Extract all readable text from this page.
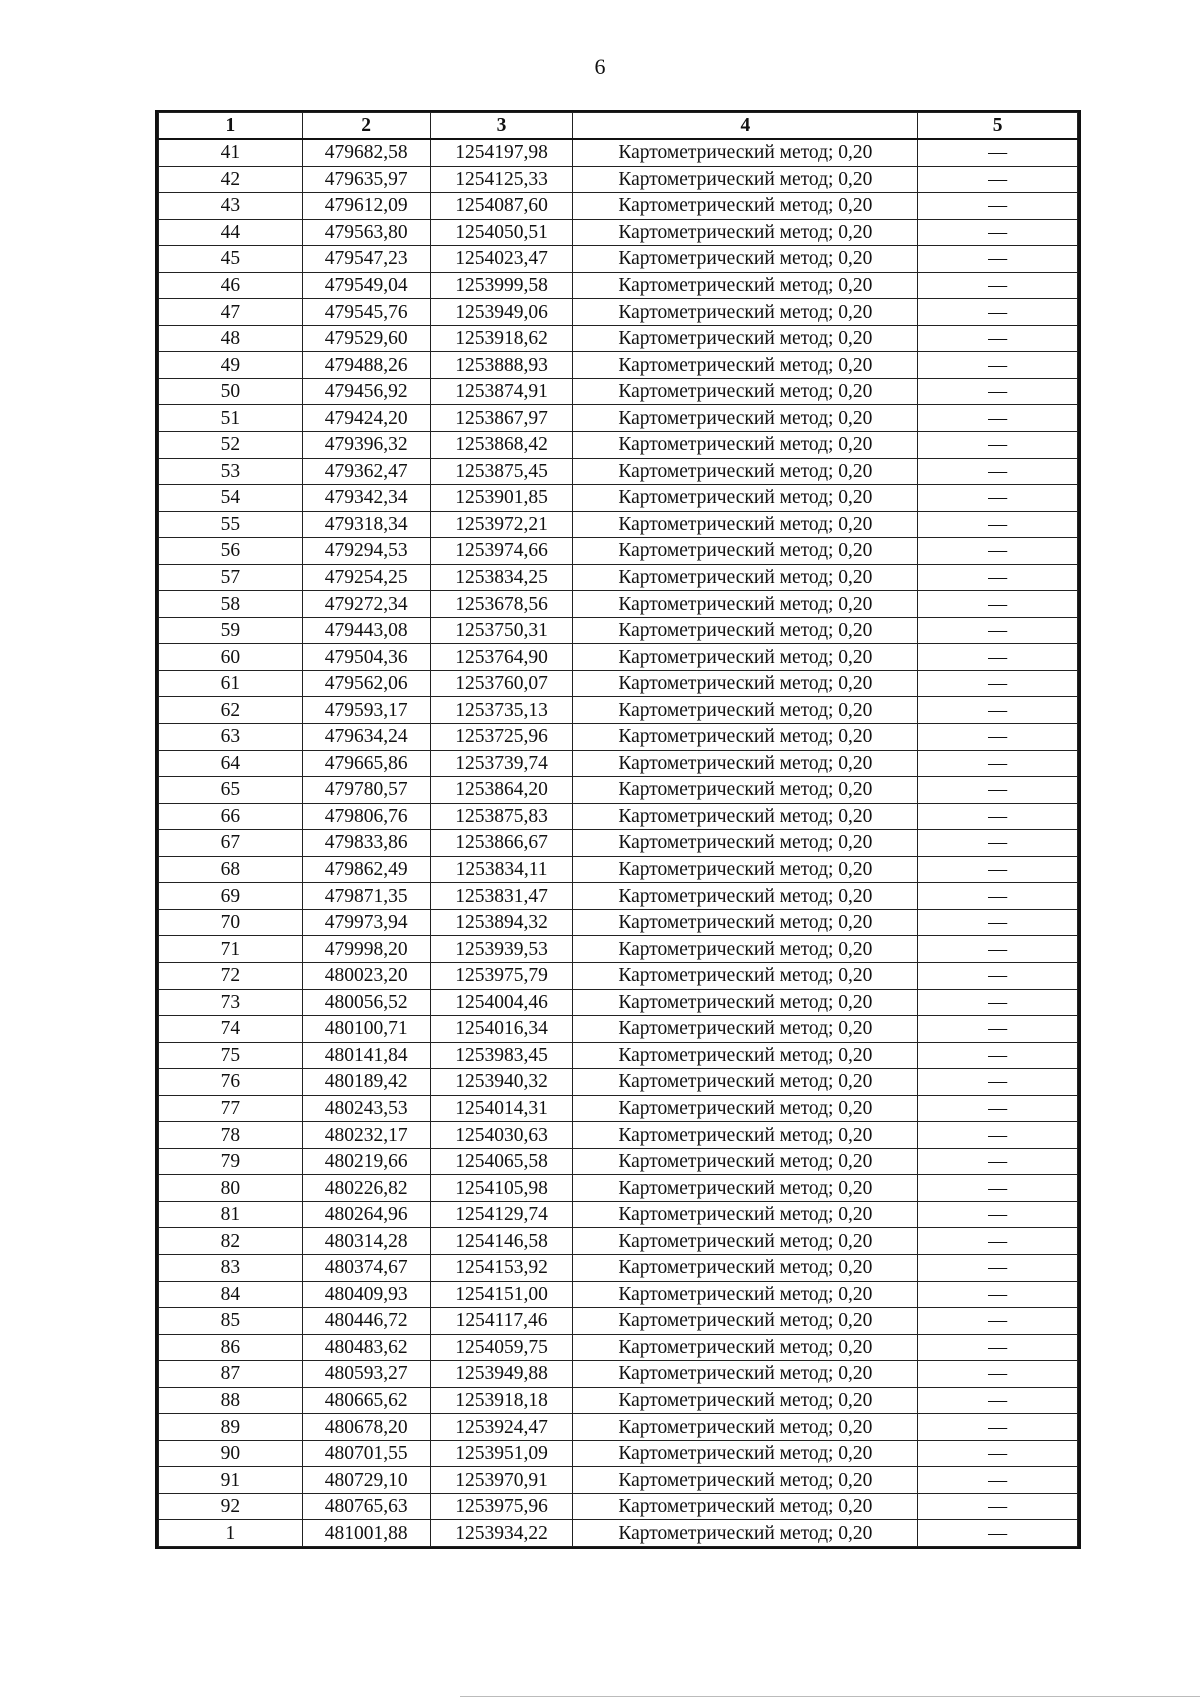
6
1	2	3	4	5
41	479682,58	1254197,98	Картометрический метод; 0,20	—
42	479635,97	1254125,33	Картометрический метод; 0,20	—
43	479612,09	1254087,60	Картометрический метод; 0,20	—
44	479563,80	1254050,51	Картометрический метод; 0,20	—
45	479547,23	1254023,47	Картометрический метод; 0,20	—
46	479549,04	1253999,58	Картометрический метод; 0,20	—
47	479545,76	1253949,06	Картометрический метод; 0,20	—
48	479529,60	1253918,62	Картометрический метод; 0,20	—
49	479488,26	1253888,93	Картометрический метод; 0,20	—
50	479456,92	1253874,91	Картометрический метод; 0,20	—
51	479424,20	1253867,97	Картометрический метод; 0,20	—
52	479396,32	1253868,42	Картометрический метод; 0,20	—
53	479362,47	1253875,45	Картометрический метод; 0,20	—
54	479342,34	1253901,85	Картометрический метод; 0,20	—
55	479318,34	1253972,21	Картометрический метод; 0,20	—
56	479294,53	1253974,66	Картометрический метод; 0,20	—
57	479254,25	1253834,25	Картометрический метод; 0,20	—
58	479272,34	1253678,56	Картометрический метод; 0,20	—
59	479443,08	1253750,31	Картометрический метод; 0,20	—
60	479504,36	1253764,90	Картометрический метод; 0,20	—
61	479562,06	1253760,07	Картометрический метод; 0,20	—
62	479593,17	1253735,13	Картометрический метод; 0,20	—
63	479634,24	1253725,96	Картометрический метод; 0,20	—
64	479665,86	1253739,74	Картометрический метод; 0,20	—
65	479780,57	1253864,20	Картометрический метод; 0,20	—
66	479806,76	1253875,83	Картометрический метод; 0,20	—
67	479833,86	1253866,67	Картометрический метод; 0,20	—
68	479862,49	1253834,11	Картометрический метод; 0,20	—
69	479871,35	1253831,47	Картометрический метод; 0,20	—
70	479973,94	1253894,32	Картометрический метод; 0,20	—
71	479998,20	1253939,53	Картометрический метод; 0,20	—
72	480023,20	1253975,79	Картометрический метод; 0,20	—
73	480056,52	1254004,46	Картометрический метод; 0,20	—
74	480100,71	1254016,34	Картометрический метод; 0,20	—
75	480141,84	1253983,45	Картометрический метод; 0,20	—
76	480189,42	1253940,32	Картометрический метод; 0,20	—
77	480243,53	1254014,31	Картометрический метод; 0,20	—
78	480232,17	1254030,63	Картометрический метод; 0,20	—
79	480219,66	1254065,58	Картометрический метод; 0,20	—
80	480226,82	1254105,98	Картометрический метод; 0,20	—
81	480264,96	1254129,74	Картометрический метод; 0,20	—
82	480314,28	1254146,58	Картометрический метод; 0,20	—
83	480374,67	1254153,92	Картометрический метод; 0,20	—
84	480409,93	1254151,00	Картометрический метод; 0,20	—
85	480446,72	1254117,46	Картометрический метод; 0,20	—
86	480483,62	1254059,75	Картометрический метод; 0,20	—
87	480593,27	1253949,88	Картометрический метод; 0,20	—
88	480665,62	1253918,18	Картометрический метод; 0,20	—
89	480678,20	1253924,47	Картометрический метод; 0,20	—
90	480701,55	1253951,09	Картометрический метод; 0,20	—
91	480729,10	1253970,91	Картометрический метод; 0,20	—
92	480765,63	1253975,96	Картометрический метод; 0,20	—
1	481001,88	1253934,22	Картометрический метод; 0,20	—
